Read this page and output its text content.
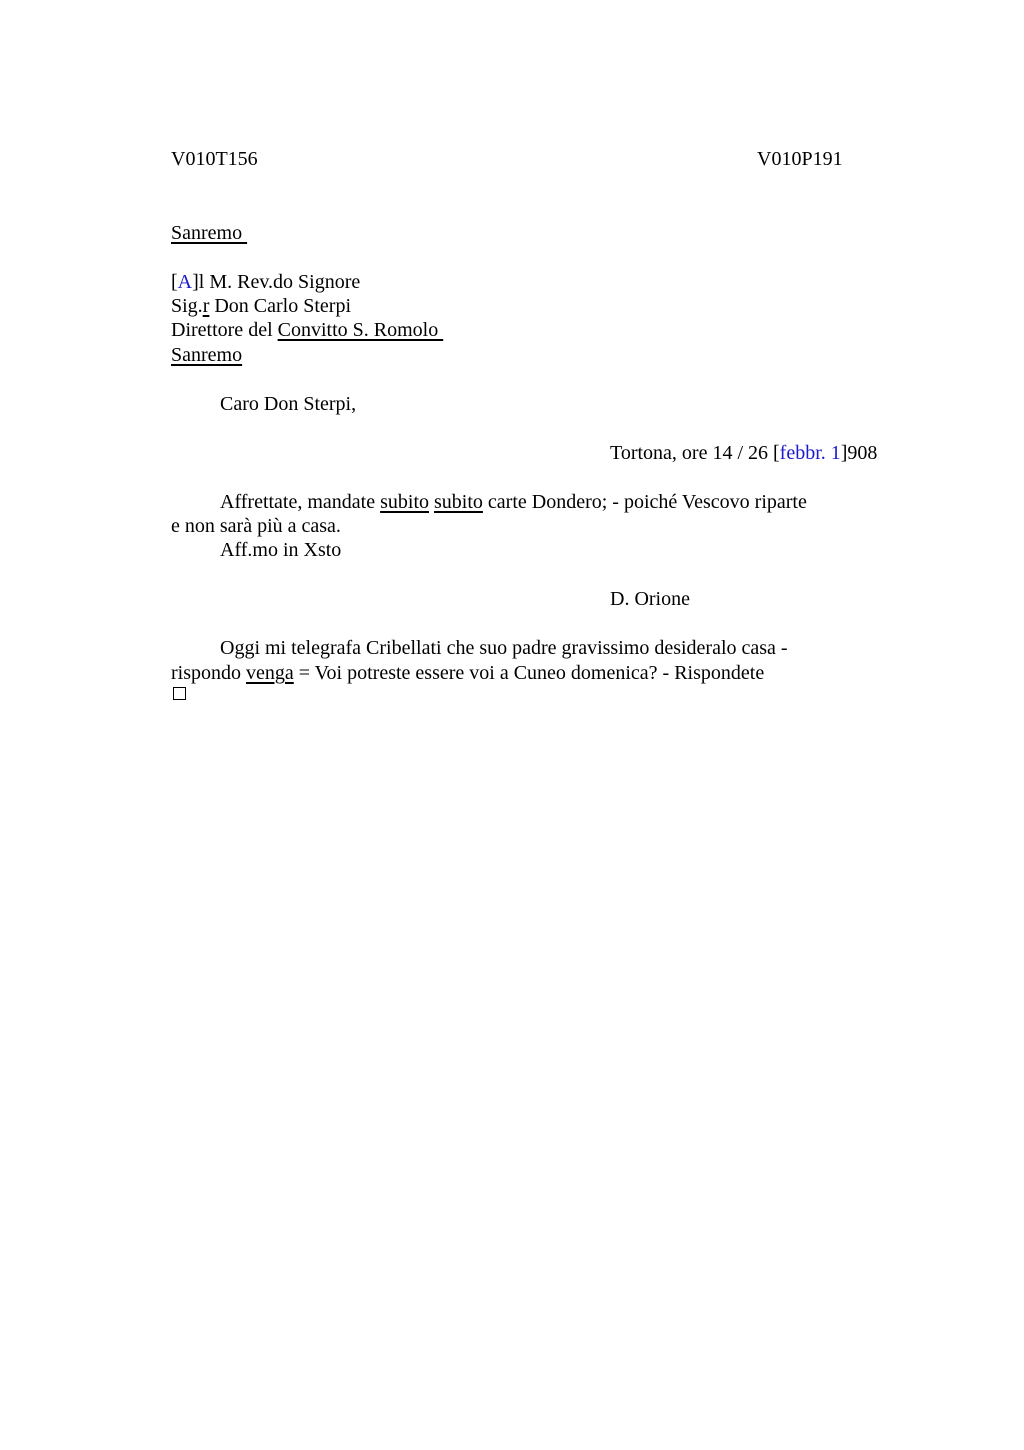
V010T156	V010P191
Sanremo
[A]l M. Rev.do Signore
Sig.r Don Carlo Sterpi
Direttore del Convitto S. Romolo
Sanremo
Caro Don Sterpi,
Tortona, ore 14 / 26 [febbr. 1]908
Affrettate, mandate subito subito carte Dondero; - poiché Vescovo riparte
e non sarà più a casa.
Aff.mo in Xsto
D. Orione
Oggi mi telegrafa Cribellati che suo padre gravissimo desideralo casa -
rispondo venga = Voi potreste essere voi a Cuneo domenica? - Rispondete
